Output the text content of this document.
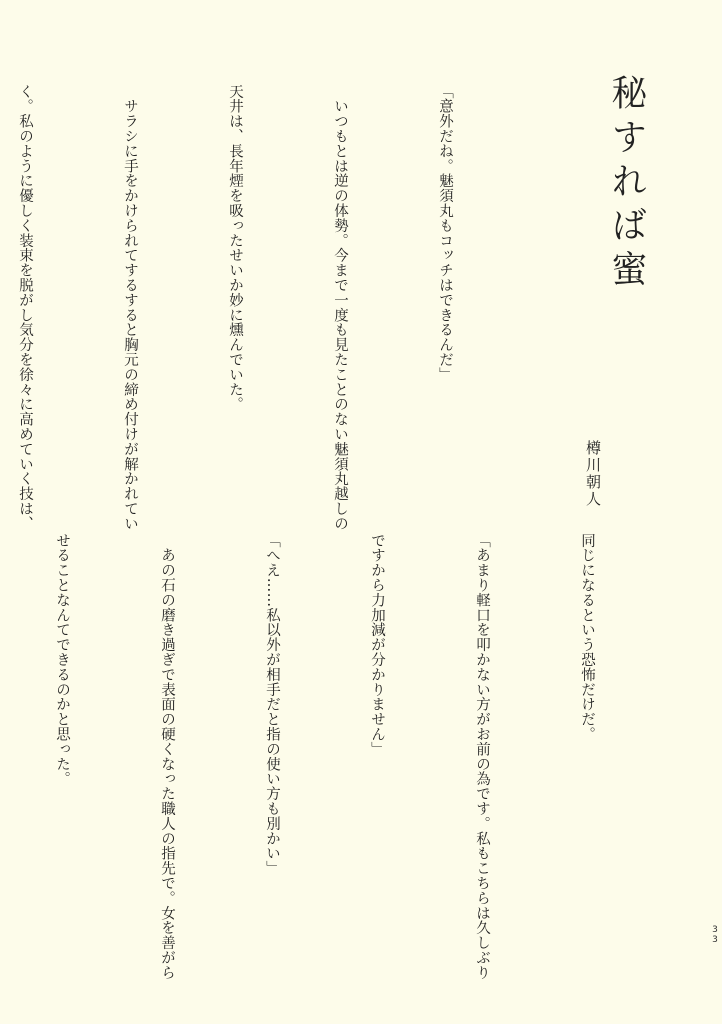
秘すれば蜜
樽川朝人

「意外だね。魅須丸もコッチはできるんだ」

　いつもとは逆の体勢。今まで一度も見たことのない魅須丸越しの

天井は、長年煙を吸ったせいか妙に燻んでいた。

　サラシに手をかけられてするすると胸元の締め付けが解かれてい

く。私のように優しく装束を脱がし気分を徐々に高めていく技は、

同じになるという恐怖だけだ。

「あまり軽口を叩かない方がお前の為です。私もこちらは久しぶり

ですから力加減が分かりません」

「へえ……私以外が相手だと指の使い方も別かい」

　あの石の磨き過ぎで表面の硬くなった職人の指先で。女を善がら

せることなんてできるのかと思った。

33
